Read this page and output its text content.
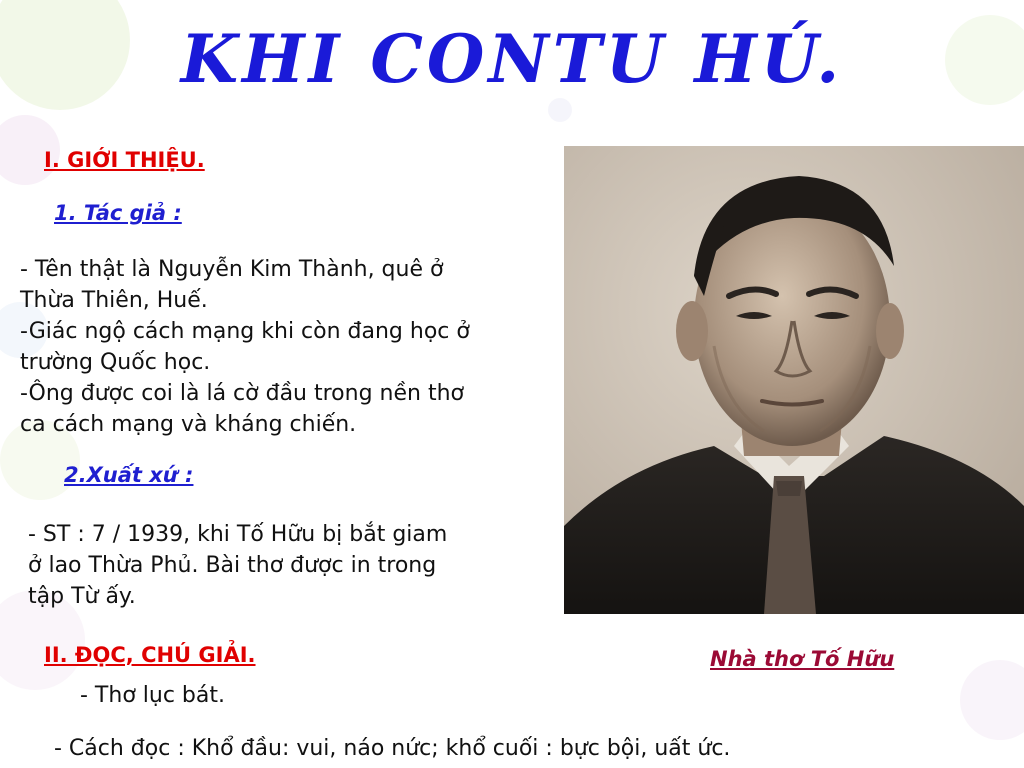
KHI CONTU HÚ.
I. GIỚI THIỆU.
1. Tác giả :

- Tên thật là Nguyễn Kim Thành, quê ở

Thừa Thiên, Huế.

-Giác ngộ cách mạng khi còn đang học ở

trường Quốc học.

-Ông được coi là lá cờ đầu trong nền thơ

ca cách mạng và kháng chiến.

2.Xuất xứ :

- ST : 7 / 1939, khi Tố Hữu bị bắt giam

ở lao Thừa Phủ. Bài thơ được in trong

tập Từ ấy.

II. ĐỌC, CHÚ GIẢI.
- Thơ lục bát.
- Cách đọc : Khổ đầu: vui, náo nức; khổ cuối : bực bội, uất ức.
Nhà thơ Tố Hữu
